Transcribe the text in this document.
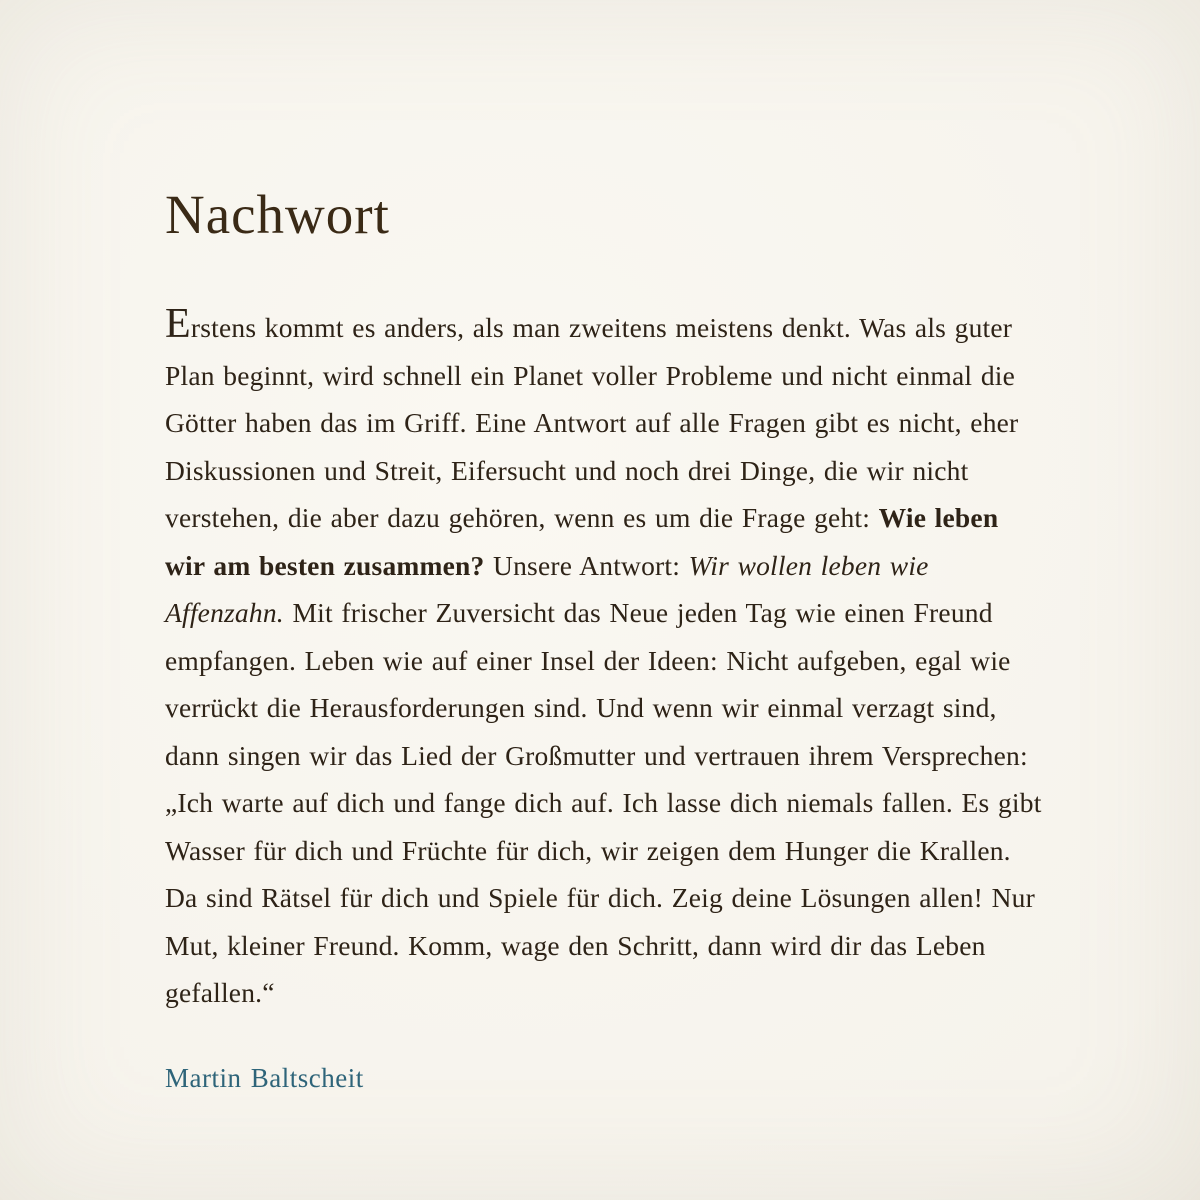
Nachwort

Erstens kommt es anders, als man zweitens meistens denkt. Was als guter Plan beginnt, wird schnell ein Planet voller Probleme und nicht einmal die Götter haben das im Griff. Eine Antwort auf alle Fragen gibt es nicht, eher Diskussionen und Streit, Eifersucht und noch drei Dinge, die wir nicht verstehen, die aber dazu gehören, wenn es um die Frage geht: Wie leben wir am besten zusammen? Unsere Antwort: Wir wollen leben wie Affenzahn. Mit frischer Zuversicht das Neue jeden Tag wie einen Freund empfangen. Leben wie auf einer Insel der Ideen: Nicht aufgeben, egal wie verrückt die Herausforderungen sind. Und wenn wir einmal verzagt sind, dann singen wir das Lied der Großmutter und vertrauen ihrem Versprechen: „Ich warte auf dich und fange dich auf. Ich lasse dich niemals fallen. Es gibt Wasser für dich und Früchte für dich, wir zeigen dem Hunger die Krallen. Da sind Rätsel für dich und Spiele für dich. Zeig deine Lösungen allen! Nur Mut, kleiner Freund. Komm, wage den Schritt, dann wird dir das Leben gefallen.“

Martin Baltscheit
